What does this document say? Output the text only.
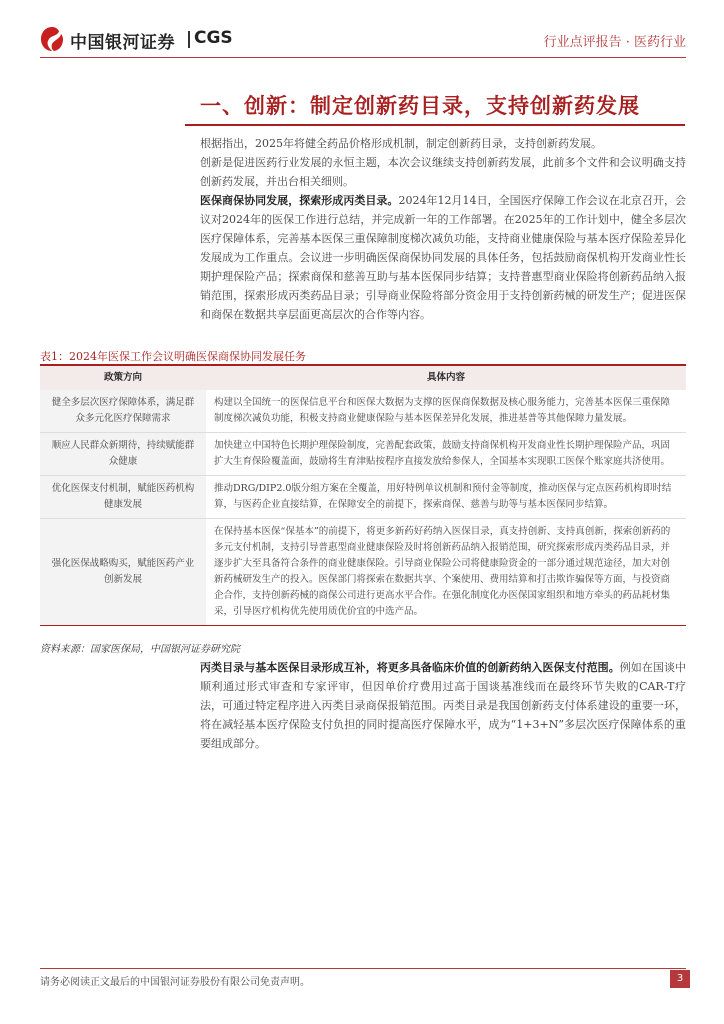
中国银河证券 CGS	行业点评报告 · 医药行业
一、创新：制定创新药目录，支持创新药发展
根据指出，2025年将健全药品价格形成机制，制定创新药目录，支持创新药发展。
创新是促进医药行业发展的永恒主题，本次会议继续支持创新药发展，此前多个文件和会议明确支持创新药发展，并出台相关细则。
医保商保协同发展，探索形成丙类目录。2024年12月14日，全国医疗保障工作会议在北京召开，会议对2024年的医保工作进行总结，并完成新一年的工作部署。在2025年的工作计划中，健全多层次医疗保障体系，完善基本医保三重保障制度梯次减负功能，支持商业健康保险与基本医疗保险差异化发展成为工作重点。会议进一步明确医保商保协同发展的具体任务，包括鼓励商保机构开发商业性长期护理保险产品；探索商保和慈善互助与基本医保同步结算；支持普惠型商业保险将创新药品纳入报销范围，探索形成丙类药品目录；引导商业保险将部分资金用于支持创新药械的研发生产；促进医保和商保在数据共享层面更高层次的合作等内容。
表1：2024年医保工作会议明确医保商保协同发展任务
政策方向	具体内容
健全多层次医疗保障体系，满足群众多元化医疗保障需求	构建以全国统一的医保信息平台和医保大数据为支撑的医保商保数据及核心服务能力，完善基本医保三重保障制度梯次减负功能，积极支持商业健康保险与基本医保差异化发展，推进基普等其他保障力量发展。
顺应人民群众新期待，持续赋能群众健康	加快建立中国特色长期护理保险制度，完善配套政策，鼓励支持商保机构开发商业性长期护理保险产品，巩固扩大生育保险覆盖面，鼓励将生育津贴按程序直接发放给参保人，全国基本实现职工医保个账家庭共济使用。
优化医保支付机制，赋能医药机构健康发展	推动DRG/DIP2.0版分组方案在全覆盖，用好特例单议机制和预付金等制度，推动医保与定点医药机构即时结算，与医药企业直接结算，在保障安全的前提下，探索商保、慈善与助等与基本医保同步结算。
强化医保战略购买，赋能医药产业创新发展	在保持基本医保“保基本”的前提下，将更多新药好药纳入医保目录，真支持创新、支持真创新，探索创新药的多元支付机制，支持引导普惠型商业健康保险及时将创新药品纳入报销范围，研究探索形成丙类药品目录，并逐步扩大至具备符合条件的商业健康保险。引导商业保险公司将健康险资金的一部分通过规范途径，加大对创新药械研发生产的投入。医保部门将探索在数据共享、个案使用、费用结算和打击欺诈骗保等方面，与投资商企合作，支持创新药械的商保公司进行更高水平合作。在强化制度化办医保国家组织和地方牵头的药品耗材集采，引导医疗机构优先使用质优价宜的中选产品。
资料来源：国家医保局，中国银河证券研究院
丙类目录与基本医保目录形成互补，将更多具备临床价值的创新药纳入医保支付范围。例如在国谈中顺利通过形式审查和专家评审，但因单价疗费用过高于国谈基准线而在最终环节失败的CAR-T疗法，可通过特定程序进入丙类目录商保报销范围。丙类目录是我国创新药支付体系建设的重要一环，将在减轻基本医疗保险支付负担的同时提高医疗保障水平，成为“1+3+N”多层次医疗保障体系的重要组成部分。
请务必阅读正文最后的中国银河证券股份有限公司免责声明。	3
